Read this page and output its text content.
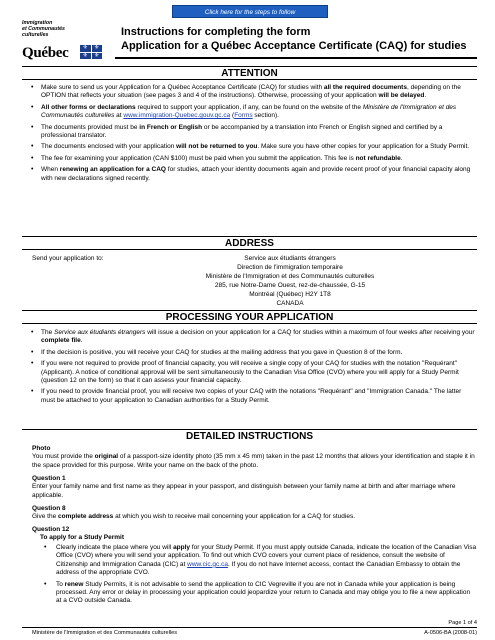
Click here for the steps to follow
Immigration
et Communautés
culturelles
Québec	⚜	⚜
⚜	⚜
Instructions for completing the form
Application for a Québec Acceptance Certificate (CAQ) for studies
ATTENTION
• Make sure to send us your Application for a Québec Acceptance Certificate (CAQ) for studies with all the required documents, depending on the OPTION that reflects your situation (see pages 3 and 4 of the instructions). Otherwise, processing of your application will be delayed.
• All other forms or declarations required to support your application, if any, can be found on the website of the Ministère de l'Immigration et des Communautés culturelles at www.immigration-Quebec.gouv.qc.ca (Forms section).
• The documents provided must be in French or English or be accompanied by a translation into French or English signed and certified by a professional translator.
• The documents enclosed with your application will not be returned to you. Make sure you have other copies for your application for a Study Permit.
• The fee for examining your application (CAN $100) must be paid when you submit the application. This fee is not refundable.
• When renewing an application for a CAQ for studies, attach your identity documents again and provide recent proof of your financial capacity along with new declarations signed recently.
ADDRESS
Send your application to:	Service aux étudiants étrangers
Direction de l'immigration temporaire
Ministère de l'Immigration et des Communautés culturelles
285, rue Notre-Dame Ouest, rez-de-chaussée, G-15
Montréal (Québec) H2Y 1T8
CANADA
PROCESSING YOUR APPLICATION
• The Service aux étudiants étrangers will issue a decision on your application for a CAQ for studies within a maximum of four weeks after receiving your complete file.
• If the decision is positive, you will receive your CAQ for studies at the mailing address that you gave in Question 8 of the form.
• If you were not required to provide proof of financial capacity, you will receive a single copy of your CAQ for studies with the notation "Requérant" (Applicant). A notice of conditional approval will be sent simultaneously to the Canadian Visa Office (CVO) where you will apply for a Study Permit (question 12 on the form) so that it can assess your financial capacity.
• If you need to provide financial proof, you will receive two copies of your CAQ with the notations "Requérant" and "Immigration Canada." The latter must be attached to your application to Canadian authorities for a Study Permit.
DETAILED INSTRUCTIONS
Photo
You must provide the original of a passport-size identity photo (35 mm x 45 mm) taken in the past 12 months that allows your identification and staple it in the space provided for this purpose. Write your name on the back of the photo.
Question 1
Enter your family name and first name as they appear in your passport, and distinguish between your family name at birth and after marriage where applicable.
Question 8
Give the complete address at which you wish to receive mail concerning your application for a CAQ for studies.
Question 12
To apply for a Study Permit
• Clearly indicate the place where you will apply for your Study Permit. If you must apply outside Canada, indicate the location of the Canadian Visa Office (CVO) where you will send your application. To find out which CVO covers your current place of residence, consult the website of Citizenship and Immigration Canada (CIC) at www.cic.gc.ca. If you do not have Internet access, contact the Canadian Embassy to obtain the address of the appropriate CVO.
• To renew Study Permits, it is not advisable to send the application to CIC Vegreville if you are not in Canada while your application is being processed. Any error or delay in processing your application could jeopardize your return to Canada and may oblige you to file a new application at a CVO outside Canada.
Page 1 of 4
Ministère de l'Immigration et des Communautés culturelles	A-0506-BA (2008-01)
